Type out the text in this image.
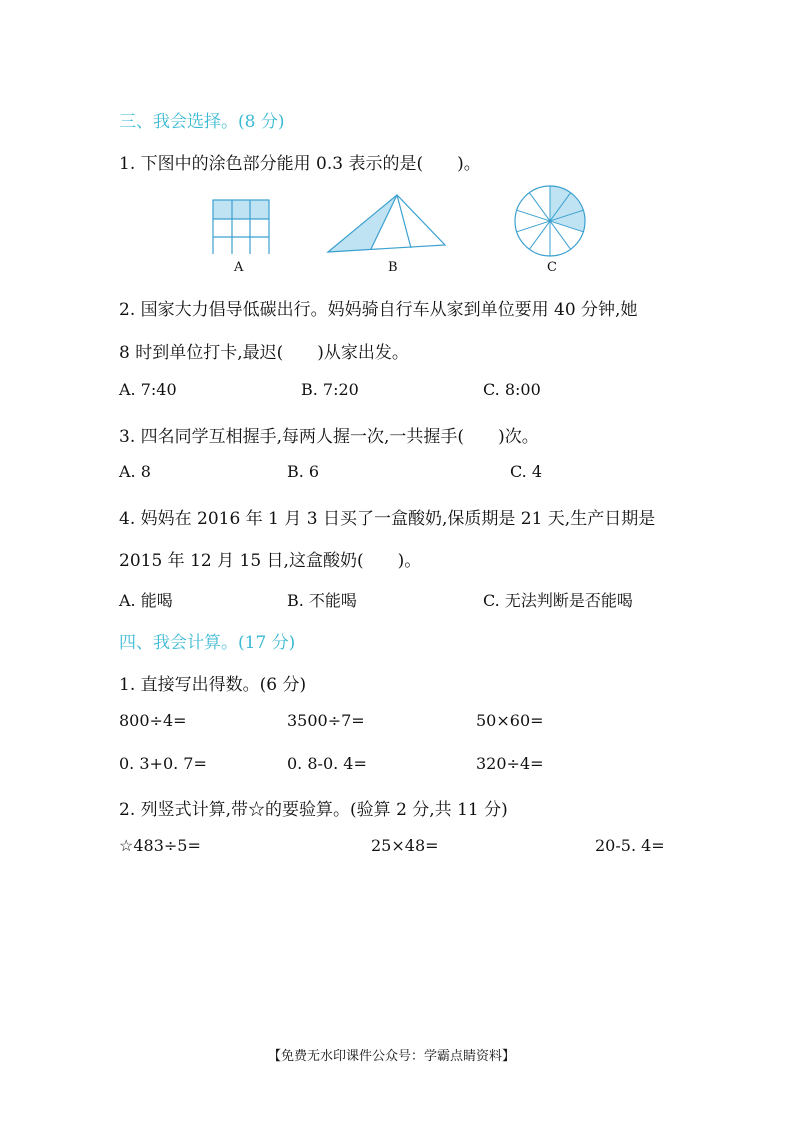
三、我会选择。(8 分)
1. 下图中的涂色部分能用 0.3 表示的是(　　)。
A	B	C
2. 国家大力倡导低碳出行。妈妈骑自行车从家到单位要用 40 分钟,她
8 时到单位打卡,最迟(　　)从家出发。
A. 7:40	B. 7:20	C. 8:00
3. 四名同学互相握手,每两人握一次,一共握手(　　)次。
A. 8	B. 6	C. 4
4. 妈妈在 2016 年 1 月 3 日买了一盒酸奶,保质期是 21 天,生产日期是
2015 年 12 月 15 日,这盒酸奶(　　)。
A. 能喝	B. 不能喝	C. 无法判断是否能喝
四、我会计算。(17 分)
1. 直接写出得数。(6 分)
800÷4=	3500÷7=	50×60=
0. 3+0. 7=	0. 8-0. 4=	320÷4=
2. 列竖式计算,带☆的要验算。(验算 2 分,共 11 分)
☆483÷5=	25×48=	20-5. 4=
【免费无水印课件公众号：学霸点睛资料】
